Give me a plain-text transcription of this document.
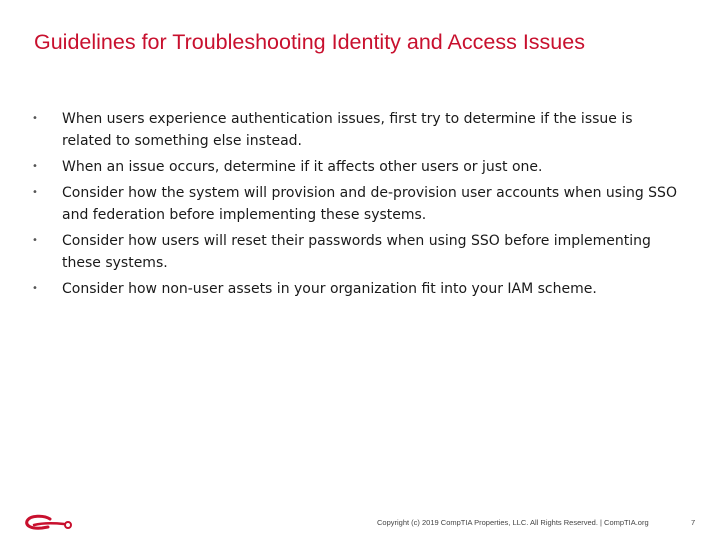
Guidelines for Troubleshooting Identity and Access Issues
• When users experience authentication issues, first try to determine if the issue is related to something else instead.
• When an issue occurs, determine if it affects other users or just one.
• Consider how the system will provision and de-provision user accounts when using SSO and federation before implementing these systems.
• Consider how users will reset their passwords when using SSO before implementing these systems.
• Consider how non-user assets in your organization fit into your IAM scheme.
Copyright (c) 2019 CompTIA Properties, LLC. All Rights Reserved. | CompTIA.org	7
